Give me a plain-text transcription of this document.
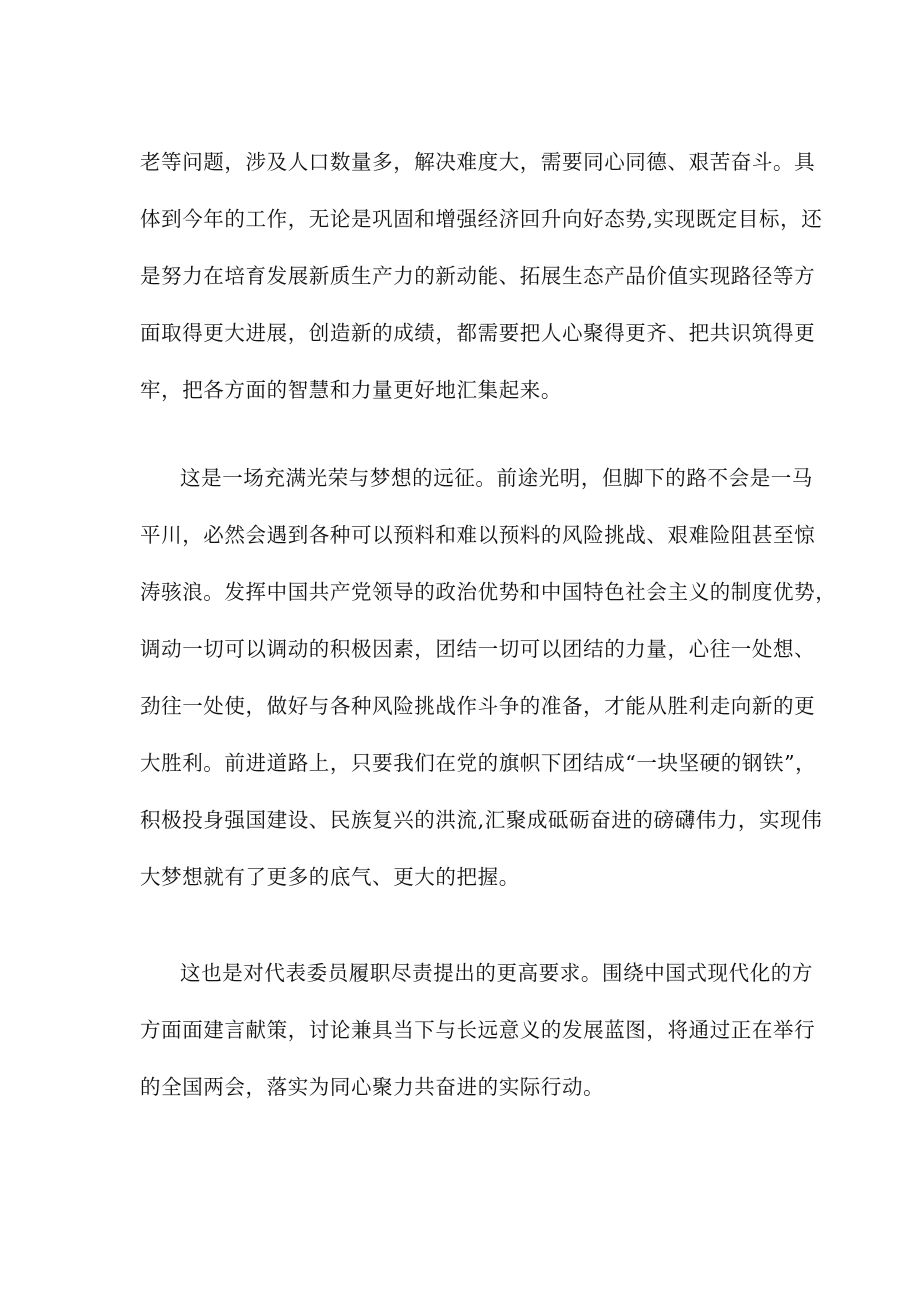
老等问题，涉及人口数量多，解决难度大，需要同心同德、艰苦奋斗。具
体到今年的工作，无论是巩固和增强经济回升向好态势,实现既定目标，还
是努力在培育发展新质生产力的新动能、拓展生态产品价值实现路径等方
面取得更大进展，创造新的成绩，都需要把人心聚得更齐、把共识筑得更
牢，把各方面的智慧和力量更好地汇集起来。

这是一场充满光荣与梦想的远征。前途光明，但脚下的路不会是一马
平川，必然会遇到各种可以预料和难以预料的风险挑战、艰难险阻甚至惊
涛骇浪。发挥中国共产党领导的政治优势和中国特色社会主义的制度优势，
调动一切可以调动的积极因素，团结一切可以团结的力量，心往一处想、
劲往一处使，做好与各种风险挑战作斗争的准备，才能从胜利走向新的更
大胜利。前进道路上，只要我们在党的旗帜下团结成“一块坚硬的钢铁”，
积极投身强国建设、民族复兴的洪流,汇聚成砥砺奋进的磅礴伟力，实现伟
大梦想就有了更多的底气、更大的把握。

这也是对代表委员履职尽责提出的更高要求。围绕中国式现代化的方
方面面建言献策，讨论兼具当下与长远意义的发展蓝图，将通过正在举行
的全国两会，落实为同心聚力共奋进的实际行动。
